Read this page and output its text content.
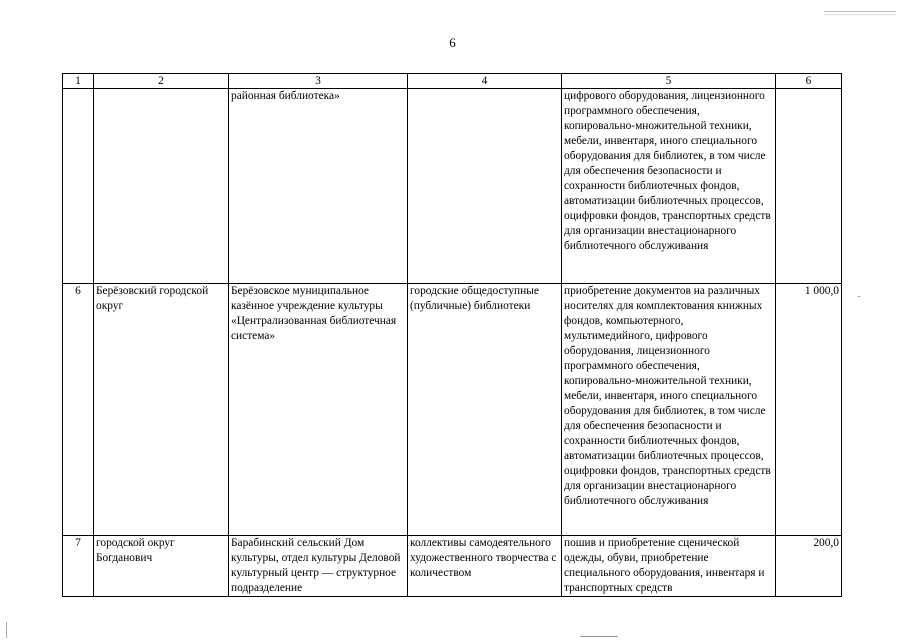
6
1	2	3	4	5	6
		районная библиотека»		цифрового оборудования, лицензионного программного обеспечения, копировально-множительной техники, мебели, инвентаря, иного специального оборудования для библиотек, в том числе для обеспечения безопасности и сохранности библиотечных фондов, автоматизации библиотечных процессов, оцифровки фондов, транспортных средств для организации внестационарного библиотечного обслуживания	
6	Берёзовский городской округ	Берёзовское муниципальное казённое учреждение культуры «Централизованная библиотечная система»	городские общедоступные (публичные) библиотеки	приобретение документов на различных носителях для комплектования книжных фондов, компьютерного, мультимедийного, цифрового оборудования, лицензионного программного обеспечения, копировально-множительной техники, мебели, инвентаря, иного специального оборудования для библиотек, в том числе для обеспечения безопасности и сохранности библиотечных фондов, автоматизации библиотечных процессов, оцифровки фондов, транспортных средств для организации внестационарного библиотечного обслуживания	1 000,0
7	городской округ Богданович	Барабинский сельский Дом культуры, отдел культуры Деловой культурный центр — структурное подразделение	коллективы самодеятельного художественного творчества с количеством	пошив и приобретение сценической одежды, обуви, приобретение специального оборудования, инвентаря и транспортных средств	200,0
